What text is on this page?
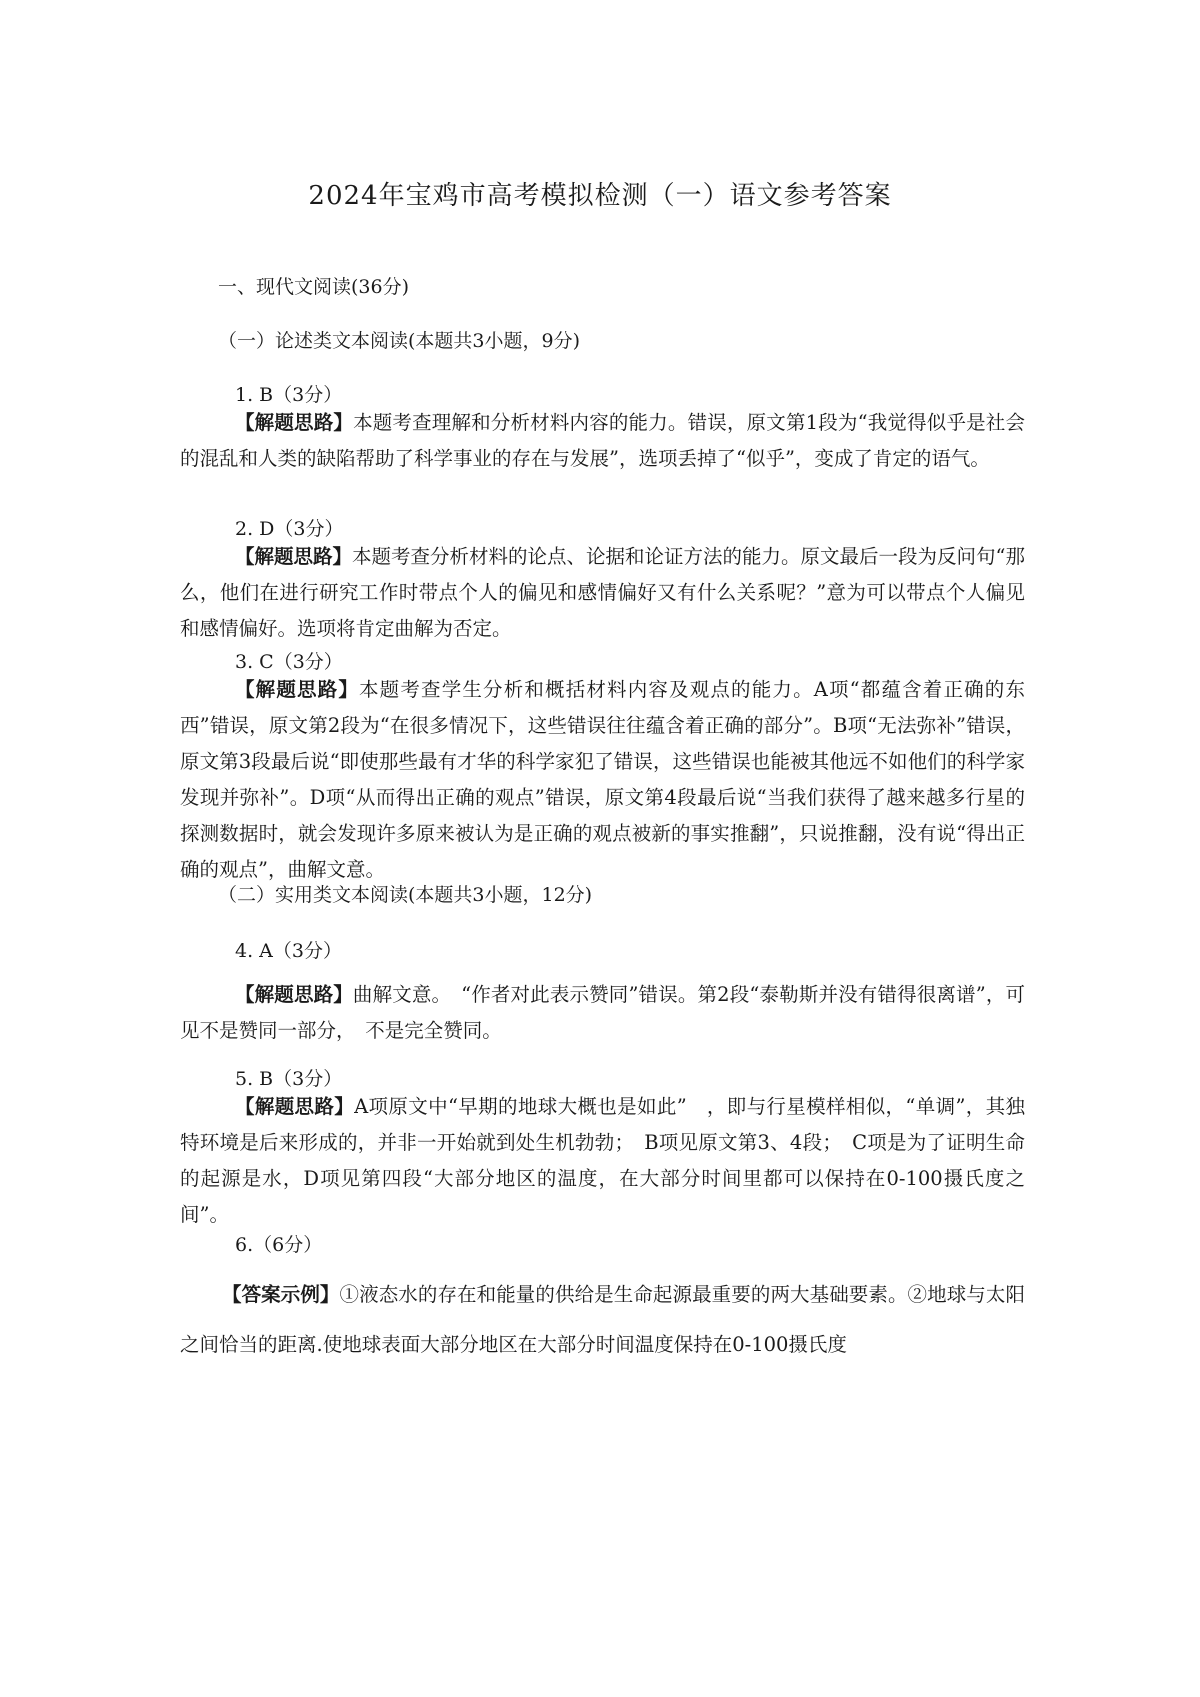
2024年宝鸡市高考模拟检测（一）语文参考答案
一、现代文阅读(36分)
（一）论述类文本阅读(本题共3小题，9分)
1. B（3分）
【解题思路】本题考查理解和分析材料内容的能力。错误，原文第1段为“我觉得似乎是社会的混乱和人类的缺陷帮助了科学事业的存在与发展”，选项丢掉了“似乎”，变成了肯定的语气。
2. D（3分）
【解题思路】本题考查分析材料的论点、论据和论证方法的能力。原文最后一段为反问句“那么，他们在进行研究工作时带点个人的偏见和感情偏好又有什么关系呢？”意为可以带点个人偏见和感情偏好。选项将肯定曲解为否定。
3. C（3分）
【解题思路】本题考查学生分析和概括材料内容及观点的能力。A项“都蕴含着正确的东西”错误，原文第2段为“在很多情况下，这些错误往往蕴含着正确的部分”。B项“无法弥补”错误，原文第3段最后说“即使那些最有才华的科学家犯了错误，这些错误也能被其他远不如他们的科学家发现并弥补”。D项“从而得出正确的观点”错误，原文第4段最后说“当我们获得了越来越多行星的探测数据时，就会发现许多原来被认为是正确的观点被新的事实推翻”，只说推翻，没有说“得出正确的观点”，曲解文意。
（二）实用类文本阅读(本题共3小题，12分)
4. A（3分）
【解题思路】曲解文意。　“作者对此表示赞同”错误。第2段“泰勒斯并没有错得很离谱”，可见不是赞同一部分，　不是完全赞同。
5. B（3分）
【解题思路】A项原文中“早期的地球大概也是如此”　，即与行星模样相似，“单调”，其独特环境是后来形成的，并非一开始就到处生机勃勃；　B项见原文第3、4段；　C项是为了证明生命的起源是水，D项见第四段“大部分地区的温度，在大部分时间里都可以保持在0-100摄氏度之间”。
6.（6分）
【答案示例】①液态水的存在和能量的供给是生命起源最重要的两大基础要素。②地球与太阳之间恰当的距离.使地球表面大部分地区在大部分时间温度保持在0-100摄氏度
